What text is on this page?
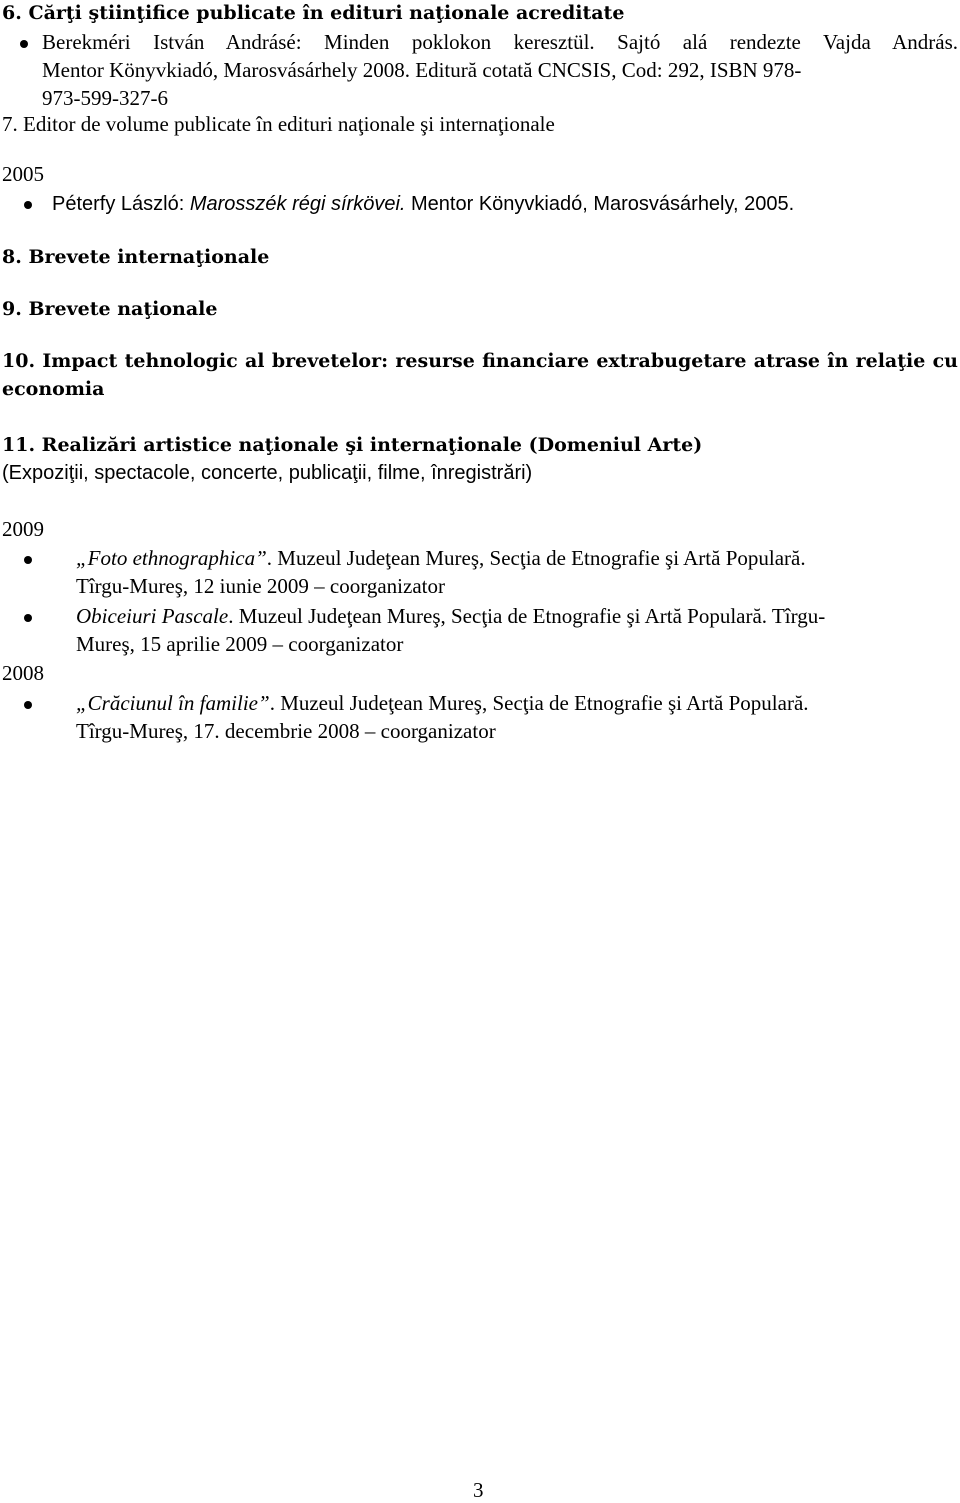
6. Cărţi ştiinţifice publicate în edituri naţionale acreditate
Berekméri István Andrásé: Minden poklokon keresztül. Sajtó alá rendezte Vajda András.
Mentor Könyvkiadó, Marosvásárhely 2008. Editură cotată CNCSIS, Cod: 292, ISBN 978-
973-599-327-6
7. Editor de volume publicate în edituri naţionale şi internaţionale
2005
Péterfy László: Marosszék régi sírkövei. Mentor Könyvkiadó, Marosvásárhely, 2005.
8. Brevete internaţionale
9. Brevete naţionale
10. Impact tehnologic al brevetelor: resurse financiare extrabugetare atrase în relaţie cu
economia
11. Realizări artistice naţionale şi internaţionale (Domeniul Arte)
(Expoziţii, spectacole, concerte, publicaţii, filme, înregistrări)
2009
„Foto ethnographica”. Muzeul Judeţean Mureş, Secţia de Etnografie şi Artă Populară.
Tîrgu-Mureş, 12 iunie 2009 – coorganizator
Obiceiuri Pascale. Muzeul Judeţean Mureş, Secţia de Etnografie şi Artă Populară. Tîrgu-
Mureş, 15 aprilie 2009 – coorganizator
2008
„Crăciunul în familie”. Muzeul Judeţean Mureş, Secţia de Etnografie şi Artă Populară.
Tîrgu-Mureş, 17. decembrie 2008 – coorganizator
3
